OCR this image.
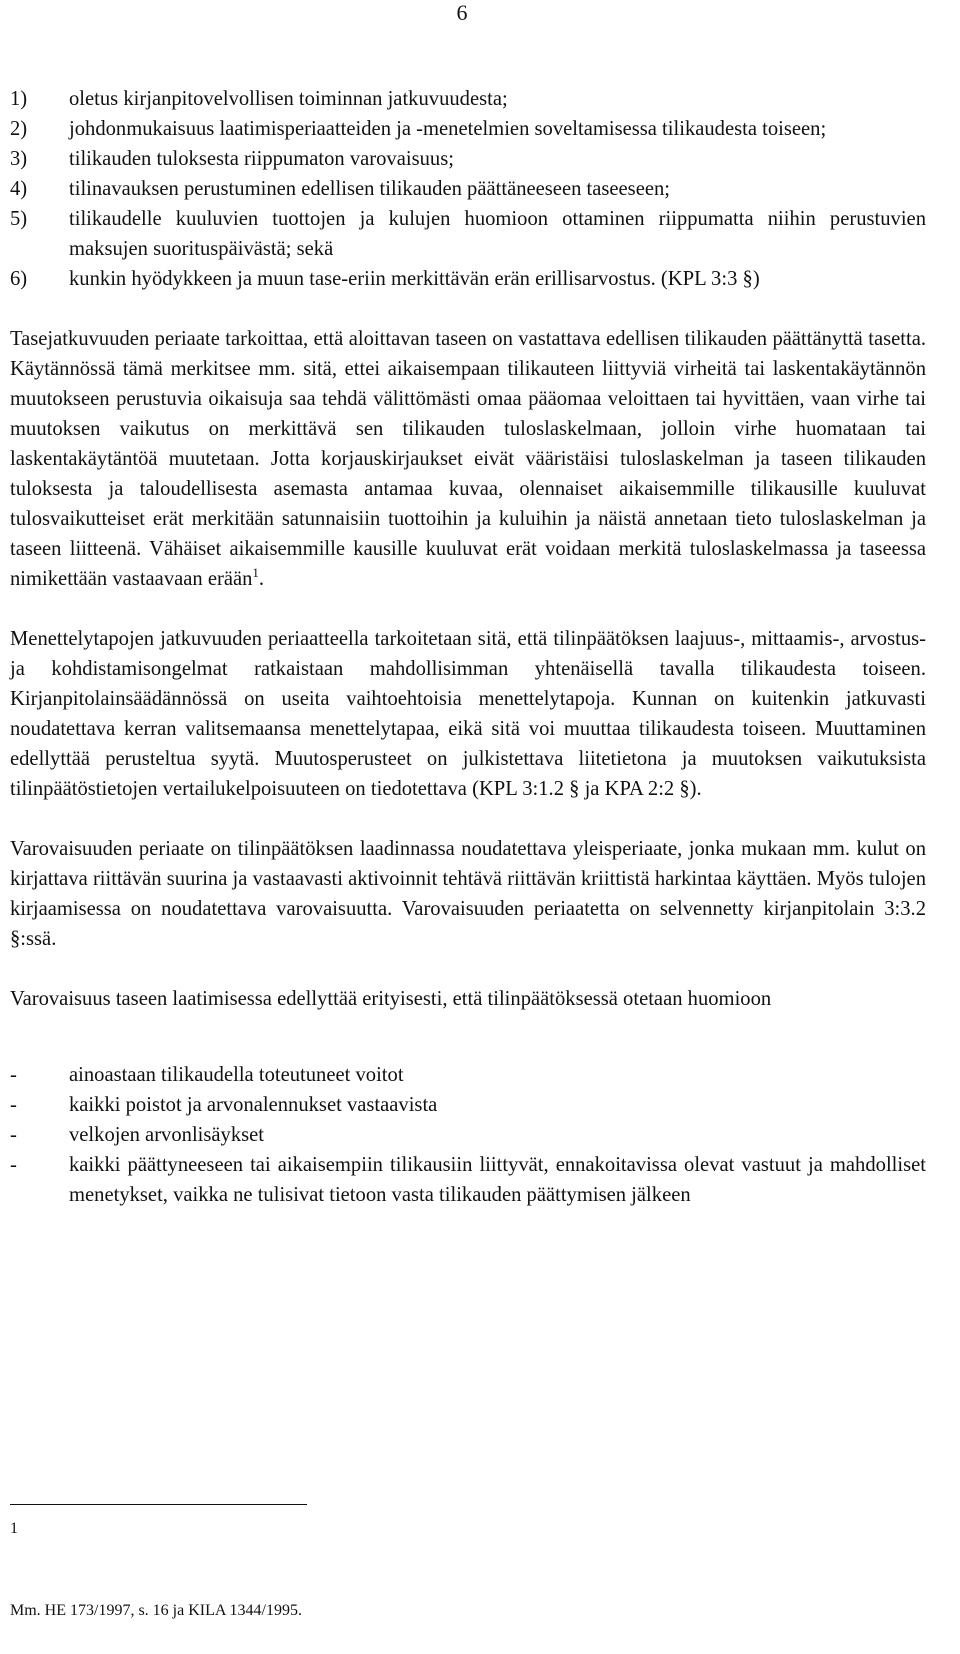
6
1) oletus kirjanpitovelvollisen toiminnan jatkuvuudesta;
2) johdonmukaisuus laatimisperiaatteiden ja -menetelmien soveltamisessa tilikaudesta toiseen;
3) tilikauden tuloksesta riippumaton varovaisuus;
4) tilinavauksen perustuminen edellisen tilikauden päättäneeseen taseeseen;
5) tilikaudelle kuuluvien tuottojen ja kulujen huomioon ottaminen riippumatta niihin perustuvien maksujen suorituspäivästä; sekä
6) kunkin hyödykkeen ja muun tase-eriin merkittävän erän erillisarvostus. (KPL 3:3 §)

Tasejatkuvuuden periaate tarkoittaa, että aloittavan taseen on vastattava edellisen tilikauden päättänyttä tasetta. Käytännössä tämä merkitsee mm. sitä, ettei aikaisempaan tilikauteen liittyviä virheitä tai laskentakäytännön muutokseen perustuvia oikaisuja saa tehdä välittömästi omaa pääomaa veloittaen tai hyvittäen, vaan virhe tai muutoksen vaikutus on merkittävä sen tilikauden tuloslaskelmaan, jolloin virhe huomataan tai laskentakäytäntöä muutetaan. Jotta korjauskirjaukset eivät vääristäisi tuloslaskelman ja taseen tilikauden tuloksesta ja taloudellisesta asemasta antamaa kuvaa, olennaiset aikaisemmille tilikausille kuuluvat tulosvaikutteiset erät merkitään satunnaisiin tuottoihin ja kuluihin ja näistä annetaan tieto tuloslaskelman ja taseen liitteenä. Vähäiset aikaisemmille kausille kuuluvat erät voidaan merkitä tuloslaskelmassa ja taseessa nimikettään vastaavaan erään$^1$.

Menettelytapojen jatkuvuuden periaatteella tarkoitetaan sitä, että tilinpäätöksen laajuus-, mittaamis-, arvostus- ja kohdistamisongelmat ratkaistaan mahdollisimman yhtenäisellä tavalla tilikaudesta toiseen. Kirjanpitolainsäädännössä on useita vaihtoehtoisia menettelytapoja. Kunnan on kuitenkin jatkuvasti noudatettava kerran valitsemaansa menettelytapaa, eikä sitä voi muuttaa tilikaudesta toiseen. Muuttaminen edellyttää perusteltua syytä. Muutosperusteet on julkistettava liitetietona ja muutoksen vaikutuksista tilinpäätöstietojen vertailukelpoisuuteen on tiedotettava (KPL 3:1.2 § ja KPA 2:2 §).

Varovaisuuden periaate on tilinpäätöksen laadinnassa noudatettava yleisperiaate, jonka mukaan mm. kulut on kirjattava riittävän suurina ja vastaavasti aktivoinnit tehtävä riittävän kriittistä harkintaa käyttäen. Myös tulojen kirjaamisessa on noudatettava varovaisuutta. Varovaisuuden periaatetta on selvennetty kirjanpitolain 3:3.2 §:ssä.

Varovaisuus taseen laatimisessa edellyttää erityisesti, että tilinpäätöksessä otetaan huomioon

-	ainoastaan tilikaudella toteutuneet voitot
-	kaikki poistot ja arvonalennukset vastaavista
-	velkojen arvonlisäykset
-	kaikki päättyneeseen tai aikaisempiin tilikausiin liittyvät, ennakoitavissa olevat vastuut ja mahdolliset menetykset, vaikka ne tulisivat tietoon vasta tilikauden päättymisen jälkeen
1
Mm. HE 173/1997, s. 16 ja KILA 1344/1995.
